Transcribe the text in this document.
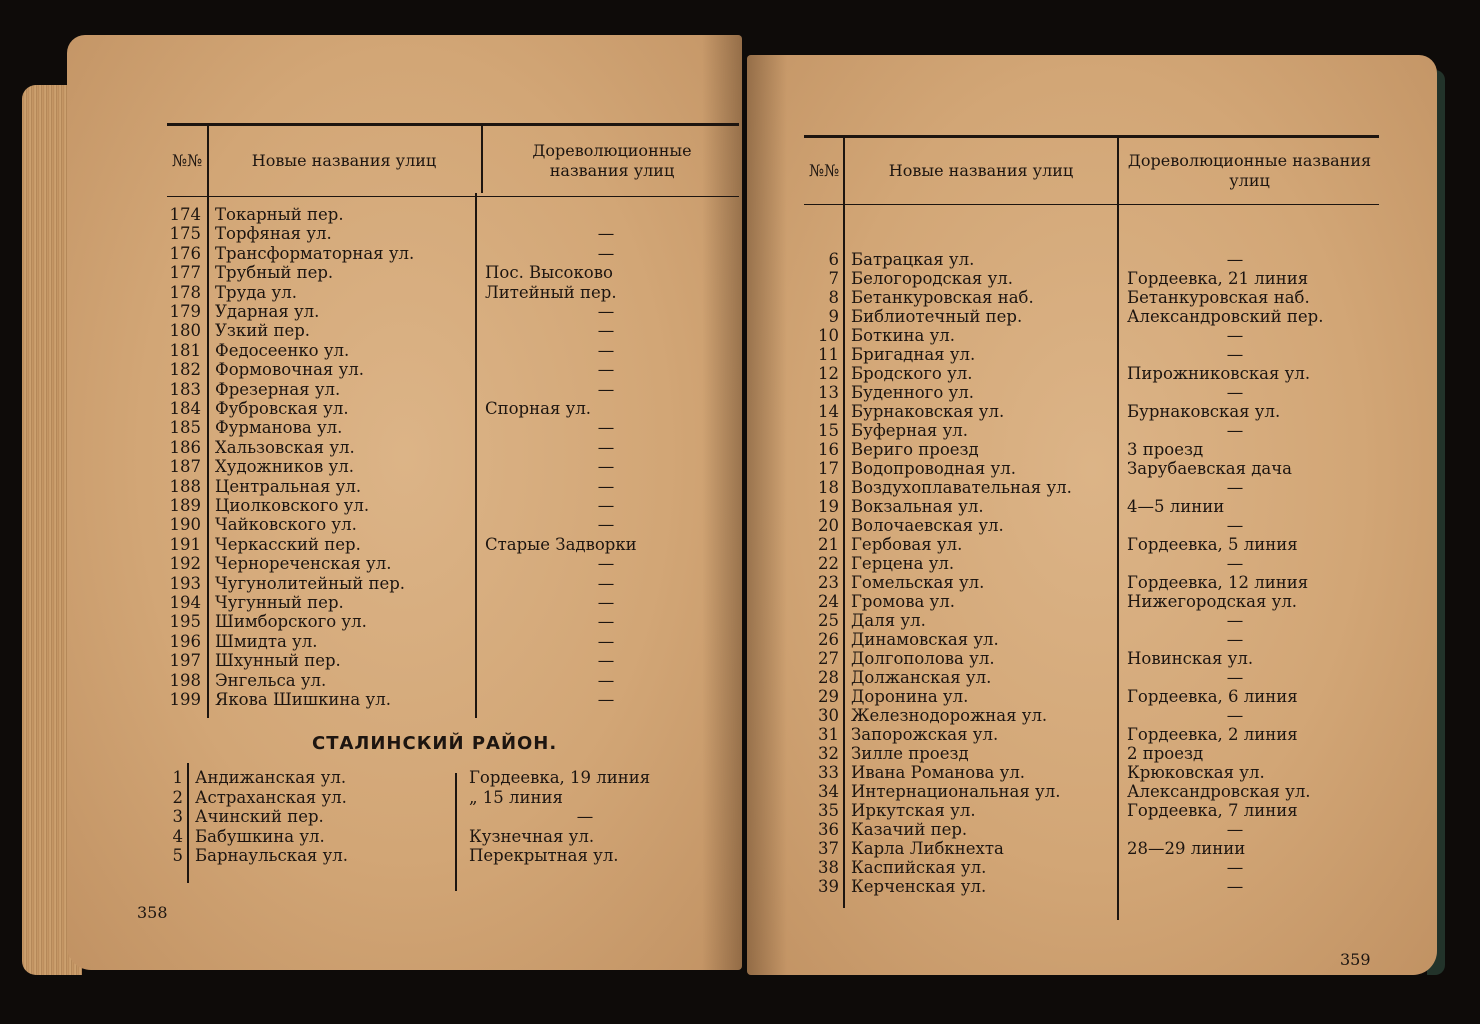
№№	Новые названия улиц
Дореволюционные названия улиц
174 Токарный пер.
175 Торфяная ул.	—
176 Трансформаторная ул.	—
177 Трубный пер.	Пос. Высоково
178 Труда ул.	Литейный пер.
179 Ударная ул.	—
180 Узкий пер.	—
181 Федосеенко ул.	—
182 Формовочная ул.	—
183 Фрезерная ул.	—
184 Фубровская ул.	Спорная ул.
185 Фурманова ул.	—
186 Хальзовская ул.	—
187 Художников ул.	—
188 Центральная ул.	—
189 Циолковского ул.	—
190 Чайковского ул.	—
191 Черкасский пер.	Старые Задворки
192 Чернореченская ул.	—
193 Чугунолитейный пер.	—
194 Чугунный пер.	—
195 Шимборского ул.	—
196 Шмидта ул.	—
197 Шхунный пер.	—
198 Энгельса ул.	—
199 Якова Шишкина ул.	—
СТАЛИНСКИЙ РАЙОН.
1 Андижанская ул.	Гордеевка, 19 линия
2 Астраханская ул.	„ 15 линия
3 Ачинский пер.	—
4 Бабушкина ул.	Кузнечная ул.
5 Барнаульская ул.	Перекрытная ул.
358
№№	Новые названия улиц
Дореволюционные названия улиц
6 Батрацкая ул.	—
7 Белогородская ул.	Гордеевка, 21 линия
8 Бетанкуровская наб.	Бетанкуровская наб.
9 Библиотечный пер.	Александровский пер.
10 Боткина ул.	—
11 Бригадная ул.	—
12 Бродского ул.	Пирожниковская ул.
13 Буденного ул.	—
14 Бурнаковская ул.	Бурнаковская ул.
15 Буферная ул.	—
16 Вериго проезд	3 проезд
17 Водопроводная ул.	Зарубаевская дача
18 Воздухоплавательная ул.	—
19 Вокзальная ул.	4—5 линии
20 Волочаевская ул.	—
21 Гербовая ул.	Гордеевка, 5 линия
22 Герцена ул.	—
23 Гомельская ул.	Гордеевка, 12 линия
24 Громова ул.	Нижегородская ул.
25 Даля ул.	—
26 Динамовская ул.	—
27 Долгополова ул.	Новинская ул.
28 Должанская ул.	—
29 Доронина ул.	Гордеевка, 6 линия
30 Железнодорожная ул.	—
31 Запорожская ул.	Гордеевка, 2 линия
32 Зилле проезд	2 проезд
33 Ивана Романова ул.	Крюковская ул.
34 Интернациональная ул.	Александровская ул.
35 Иркутская ул.	Гордеевка, 7 линия
36 Казачий пер.	—
37 Карла Либкнехта	28—29 линии
38 Каспийская ул.	—
39 Керченская ул.	—
359
